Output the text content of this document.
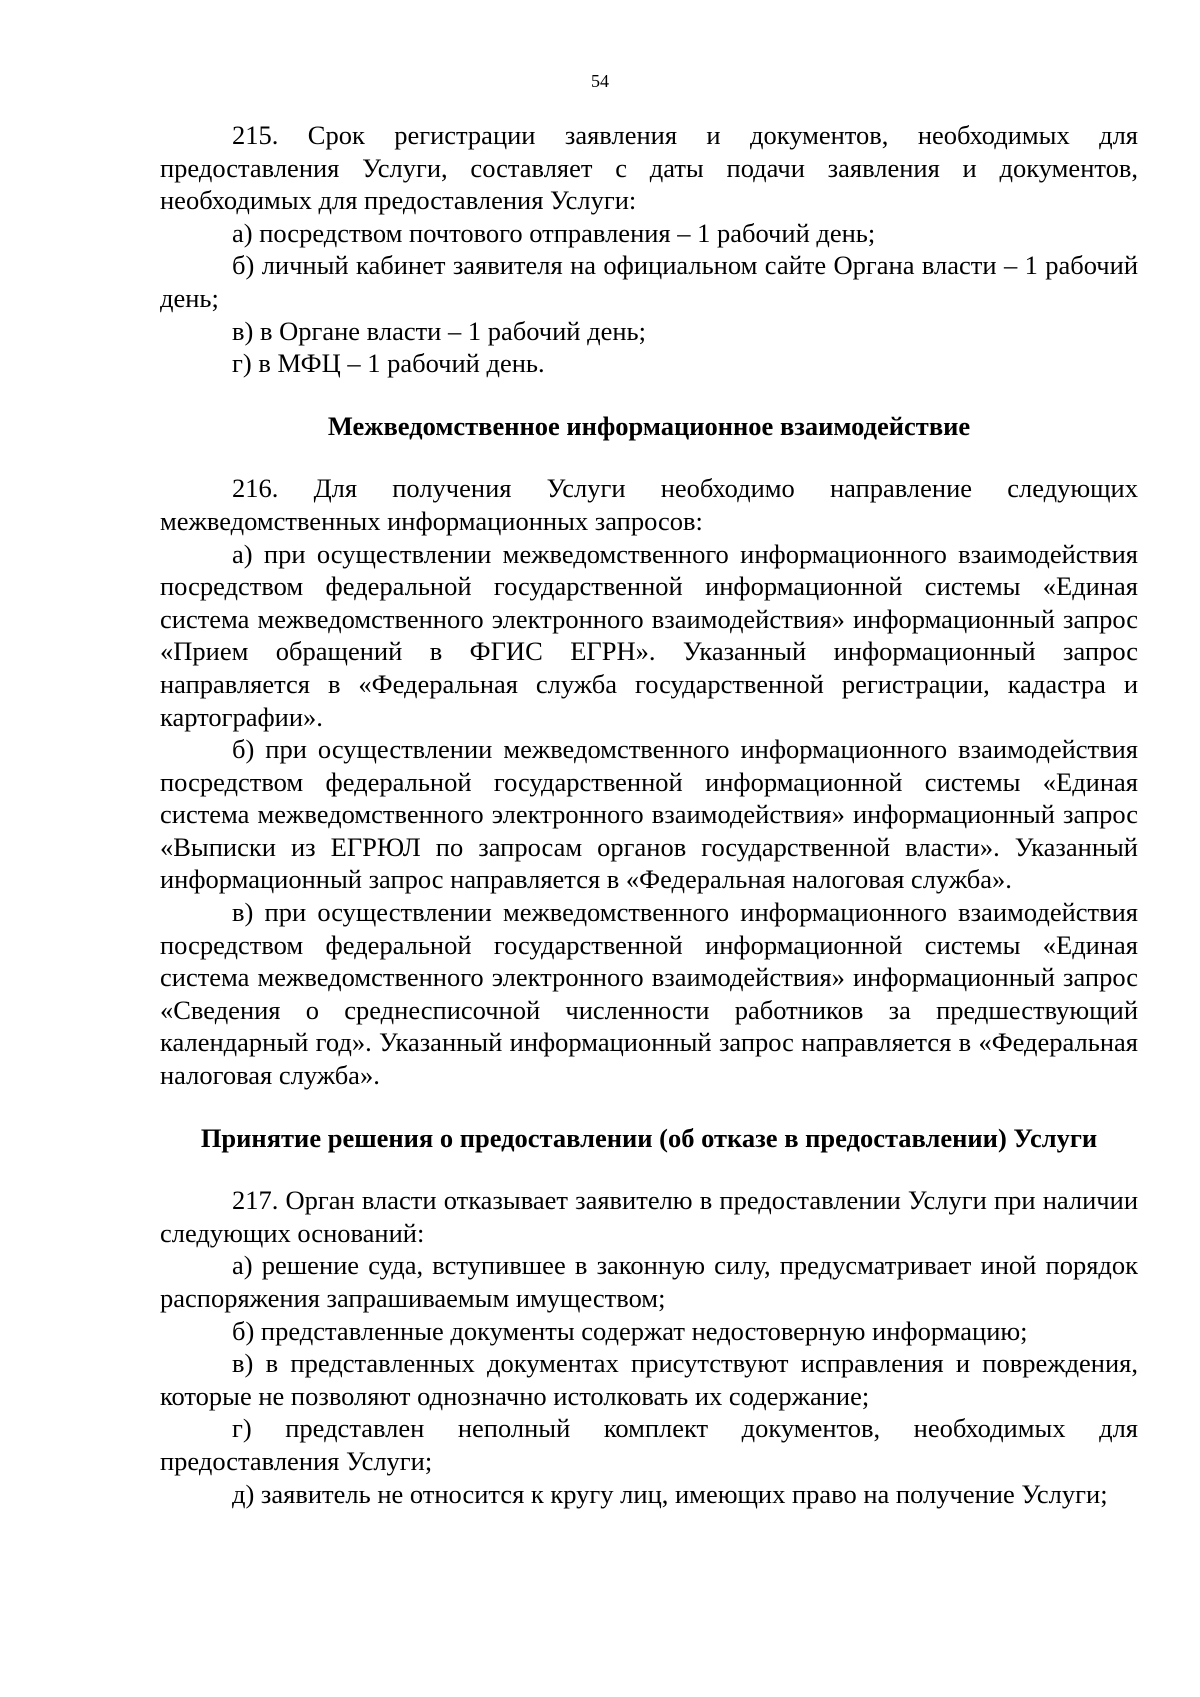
54

215. Срок регистрации заявления и документов, необходимых для предоставления Услуги, составляет с даты подачи заявления и документов, необходимых для предоставления Услуги:

а) посредством почтового отправления – 1 рабочий день;

б) личный кабинет заявителя на официальном сайте Органа власти – 1 рабочий день;

в) в Органе власти – 1 рабочий день;

г) в МФЦ – 1 рабочий день.

Межведомственное информационное взаимодействие

216. Для получения Услуги необходимо направление следующих межведомственных информационных запросов:

а) при осуществлении межведомственного информационного взаимодействия посредством федеральной государственной информационной системы «Единая система межведомственного электронного взаимодействия» информационный запрос «Прием обращений в ФГИС ЕГРН». Указанный информационный запрос направляется в «Федеральная служба государственной регистрации, кадастра и картографии».

б) при осуществлении межведомственного информационного взаимодействия посредством федеральной государственной информационной системы «Единая система межведомственного электронного взаимодействия» информационный запрос «Выписки из ЕГРЮЛ по запросам органов государственной власти». Указанный информационный запрос направляется в «Федеральная налоговая служба».

в) при осуществлении межведомственного информационного взаимодействия посредством федеральной государственной информационной системы «Единая система межведомственного электронного взаимодействия» информационный запрос «Сведения о среднесписочной численности работников за предшествующий календарный год». Указанный информационный запрос направляется в «Федеральная налоговая служба».

Принятие решения о предоставлении (об отказе в предоставлении) Услуги

217. Орган власти отказывает заявителю в предоставлении Услуги при наличии следующих оснований:

а) решение суда, вступившее в законную силу, предусматривает иной порядок распоряжения запрашиваемым имуществом;

б) представленные документы содержат недостоверную информацию;

в) в представленных документах присутствуют исправления и повреждения, которые не позволяют однозначно истолковать их содержание;

г) представлен неполный комплект документов, необходимых для предоставления Услуги;

д) заявитель не относится к кругу лиц, имеющих право на получение Услуги;
